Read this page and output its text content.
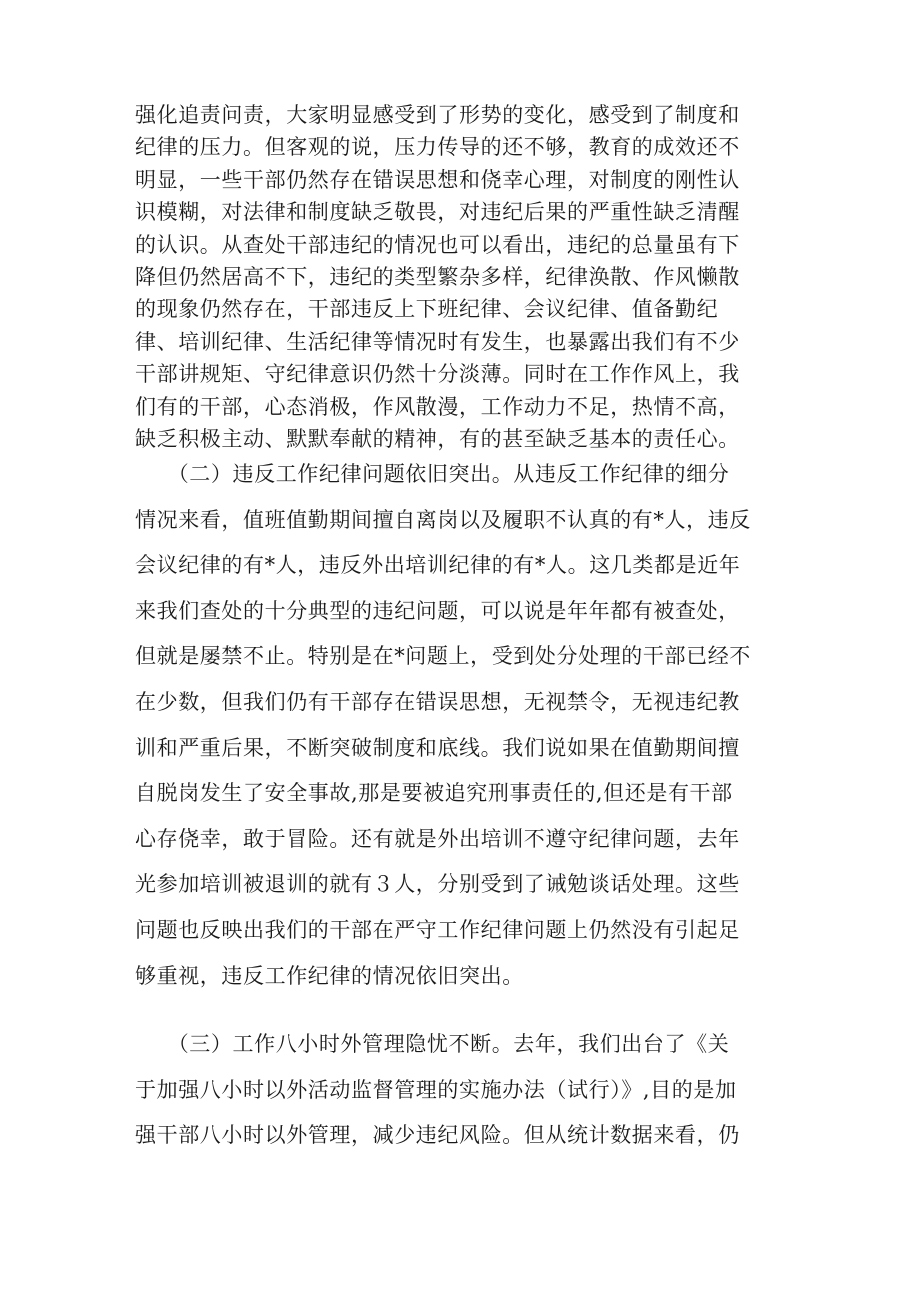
强化追责问责，大家明显感受到了形势的变化，感受到了制度和
纪律的压力。但客观的说，压力传导的还不够，教育的成效还不
明显，一些干部仍然存在错误思想和侥幸心理，对制度的刚性认
识模糊，对法律和制度缺乏敬畏，对违纪后果的严重性缺乏清醒
的认识。从查处干部违纪的情况也可以看出，违纪的总量虽有下
降但仍然居高不下，违纪的类型繁杂多样，纪律涣散、作风懒散
的现象仍然存在，干部违反上下班纪律、会议纪律、值备勤纪
律、培训纪律、生活纪律等情况时有发生，也暴露出我们有不少
干部讲规矩、守纪律意识仍然十分淡薄。同时在工作作风上，我
们有的干部，心态消极，作风散漫，工作动力不足，热情不高，
缺乏积极主动、默默奉献的精神，有的甚至缺乏基本的责任心。
　　（二）违反工作纪律问题依旧突出。从违反工作纪律的细分
情况来看，值班值勤期间擅自离岗以及履职不认真的有*人，违反
会议纪律的有*人，违反外出培训纪律的有*人。这几类都是近年
来我们查处的十分典型的违纪问题，可以说是年年都有被查处，
但就是屡禁不止。特别是在*问题上，受到处分处理的干部已经不
在少数，但我们仍有干部存在错误思想，无视禁令，无视违纪教
训和严重后果，不断突破制度和底线。我们说如果在值勤期间擅
自脱岗发生了安全事故,那是要被追究刑事责任的,但还是有干部
心存侥幸，敢于冒险。还有就是外出培训不遵守纪律问题，去年
光参加培训被退训的就有３人，分别受到了诫勉谈话处理。这些
问题也反映出我们的干部在严守工作纪律问题上仍然没有引起足
够重视，违反工作纪律的情况依旧突出。
　　（三）工作八小时外管理隐忧不断。去年，我们出台了《关
于加强八小时以外活动监督管理的实施办法（试行）》,目的是加
强干部八小时以外管理，减少违纪风险。但从统计数据来看，仍
